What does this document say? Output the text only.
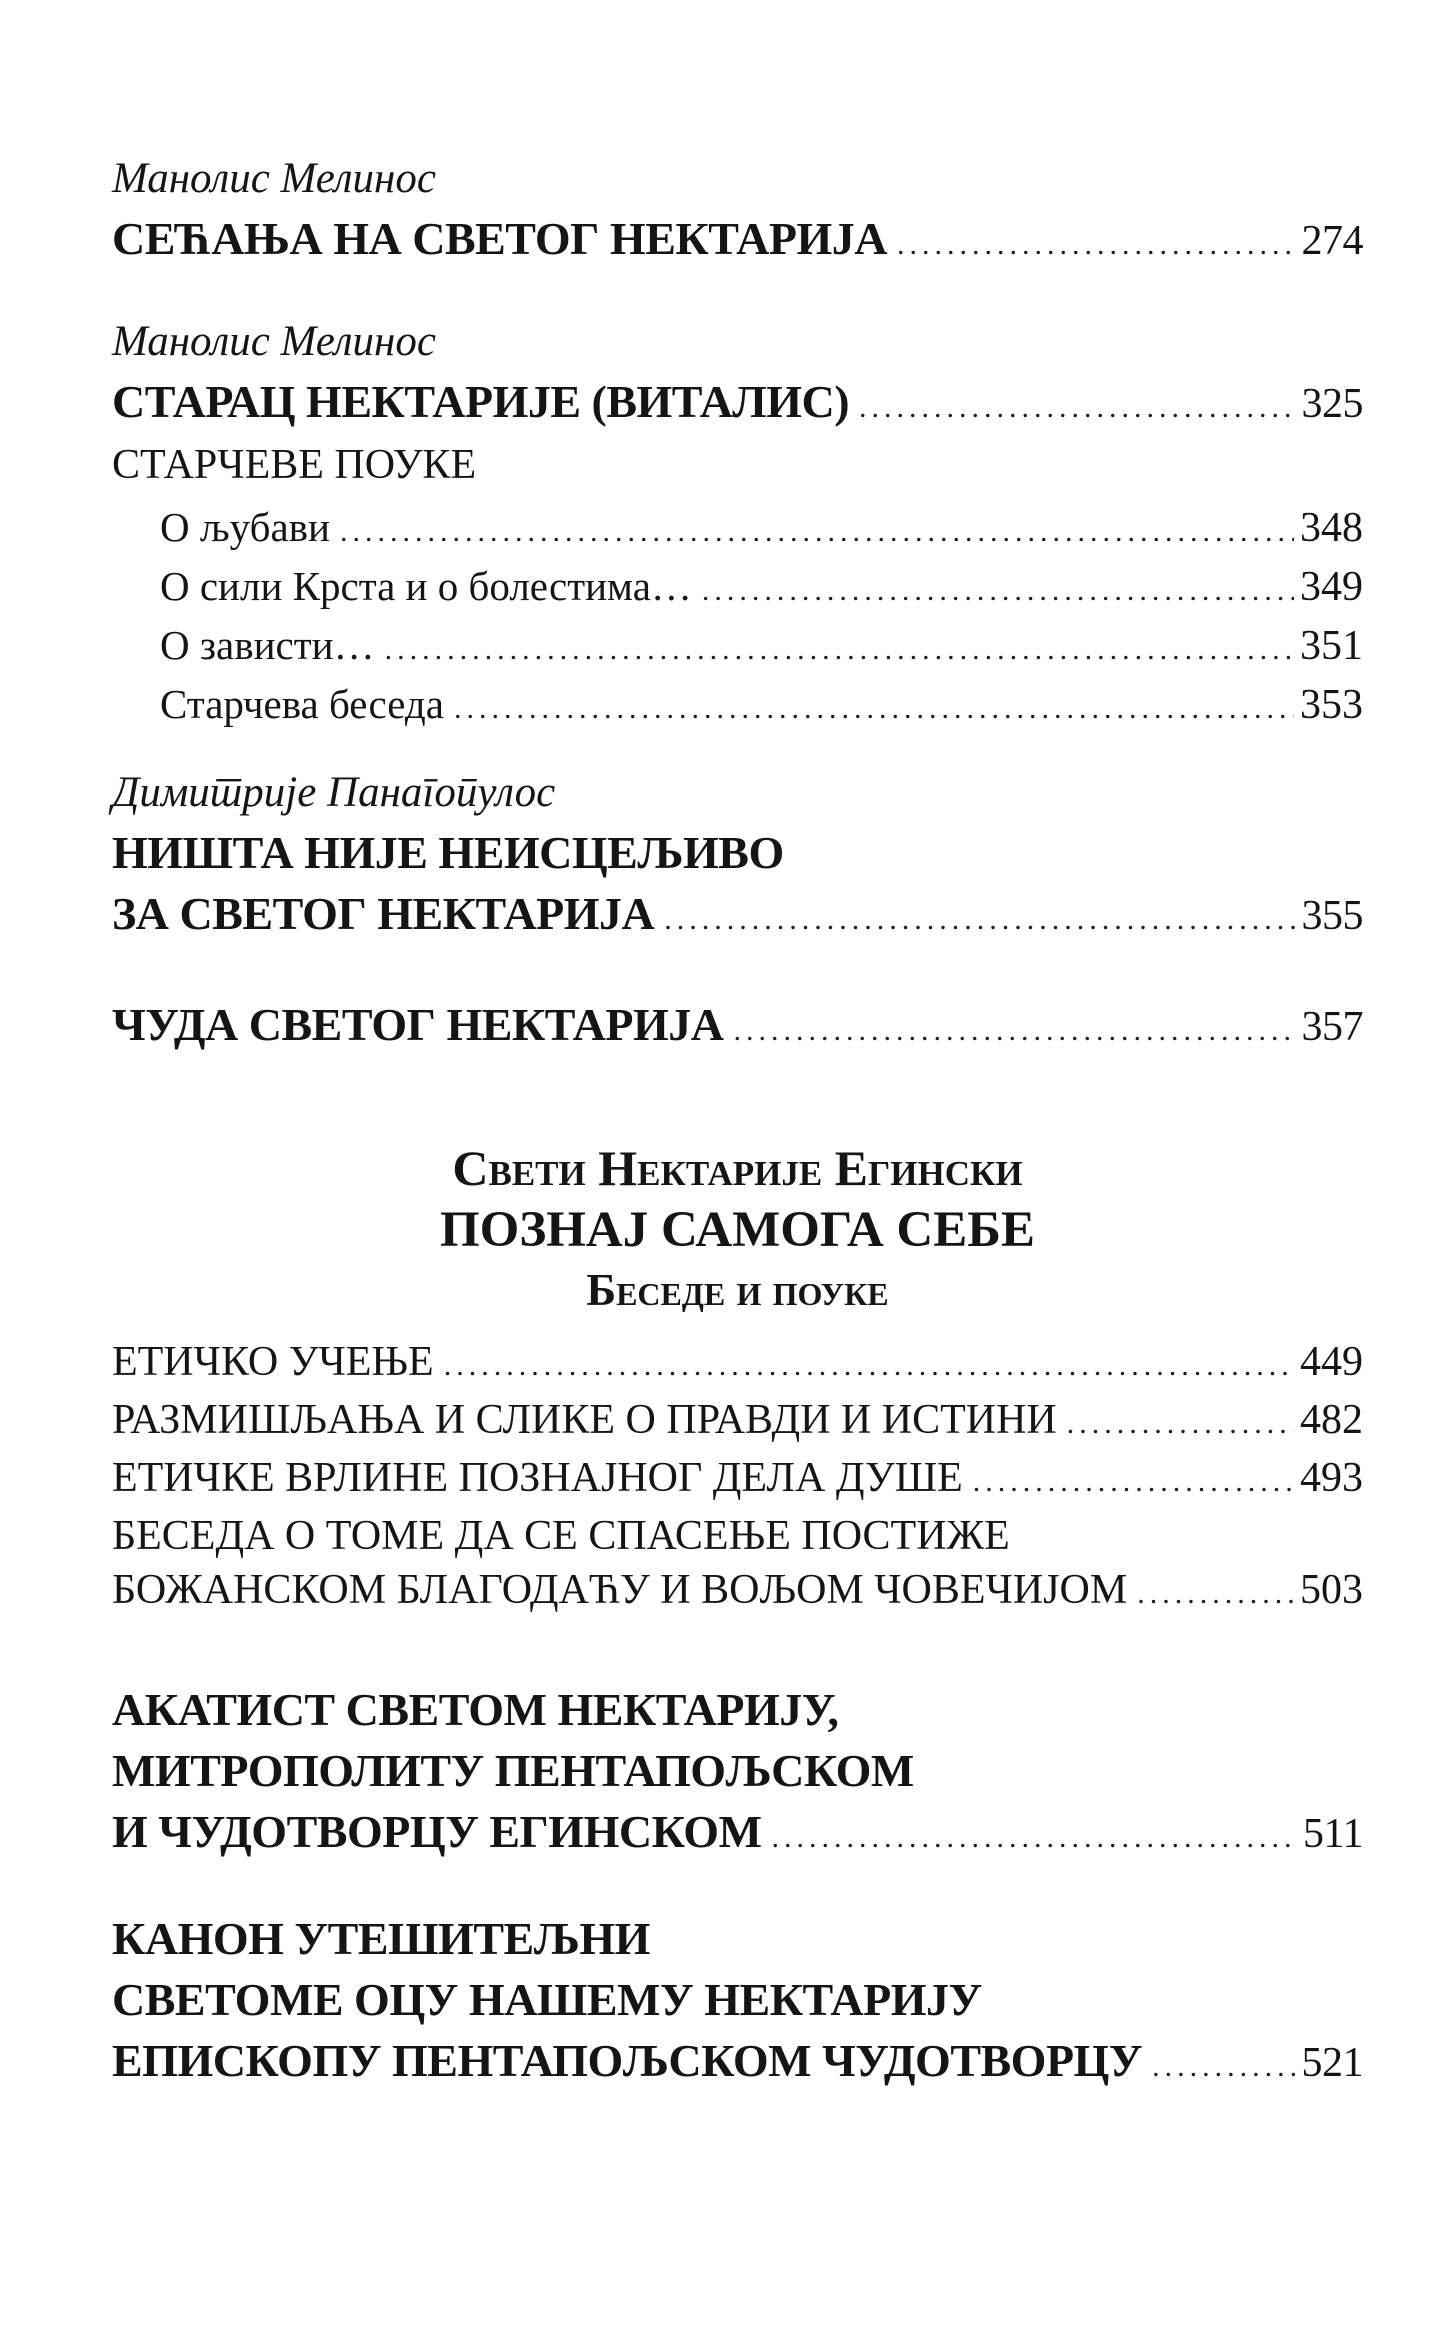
Манолис Мелинос
СЕЋАЊА НА СВЕТОГ НЕКТАРИЈА .....	274
Манолис Мелинос
СТАРАЦ НЕКТАРИЈЕ (ВИТАЛИС) .....	325
СТАРЧЕВЕ ПОУКЕ
О љубави .....	348
О сили Крста и о болестима… .....	349
О зависти… .....	351
Старчева беседа .....	353
Димитрије Панагопулос
НИШТА НИЈЕ НЕИСЦЕЉИВО
ЗА СВЕТОГ НЕКТАРИЈА .....	355
ЧУДА СВЕТОГ НЕКТАРИЈА .....	357
Свети Нектарије Егински
ПОЗНАЈ САМОГА СЕБЕ
Беседе и поуке
ЕТИЧКО УЧЕЊЕ .....	449
РАЗМИШЉАЊА И СЛИКЕ О ПРАВДИ И ИСТИНИ .....	482
ЕТИЧКЕ ВРЛИНЕ ПОЗНАЈНОГ ДЕЛА ДУШЕ .....	493
БЕСЕДА О ТОМЕ ДА СЕ СПАСЕЊЕ ПОСТИЖЕ
БОЖАНСКОМ БЛАГОДАЋУ И ВОЉОМ ЧОВЕЧИЈОМ .....	503
АКАТИСТ СВЕТОМ НЕКТАРИЈУ,
МИТРОПОЛИТУ ПЕНТАПОЉСКОМ
И ЧУДОТВОРЦУ ЕГИНСКОМ .....	511
КАНОН УТЕШИТЕЉНИ
СВЕТОМЕ ОЦУ НАШЕМУ НЕКТАРИЈУ
ЕПИСКОПУ ПЕНТАПОЉСКОМ ЧУДОТВОРЦУ .....	521
